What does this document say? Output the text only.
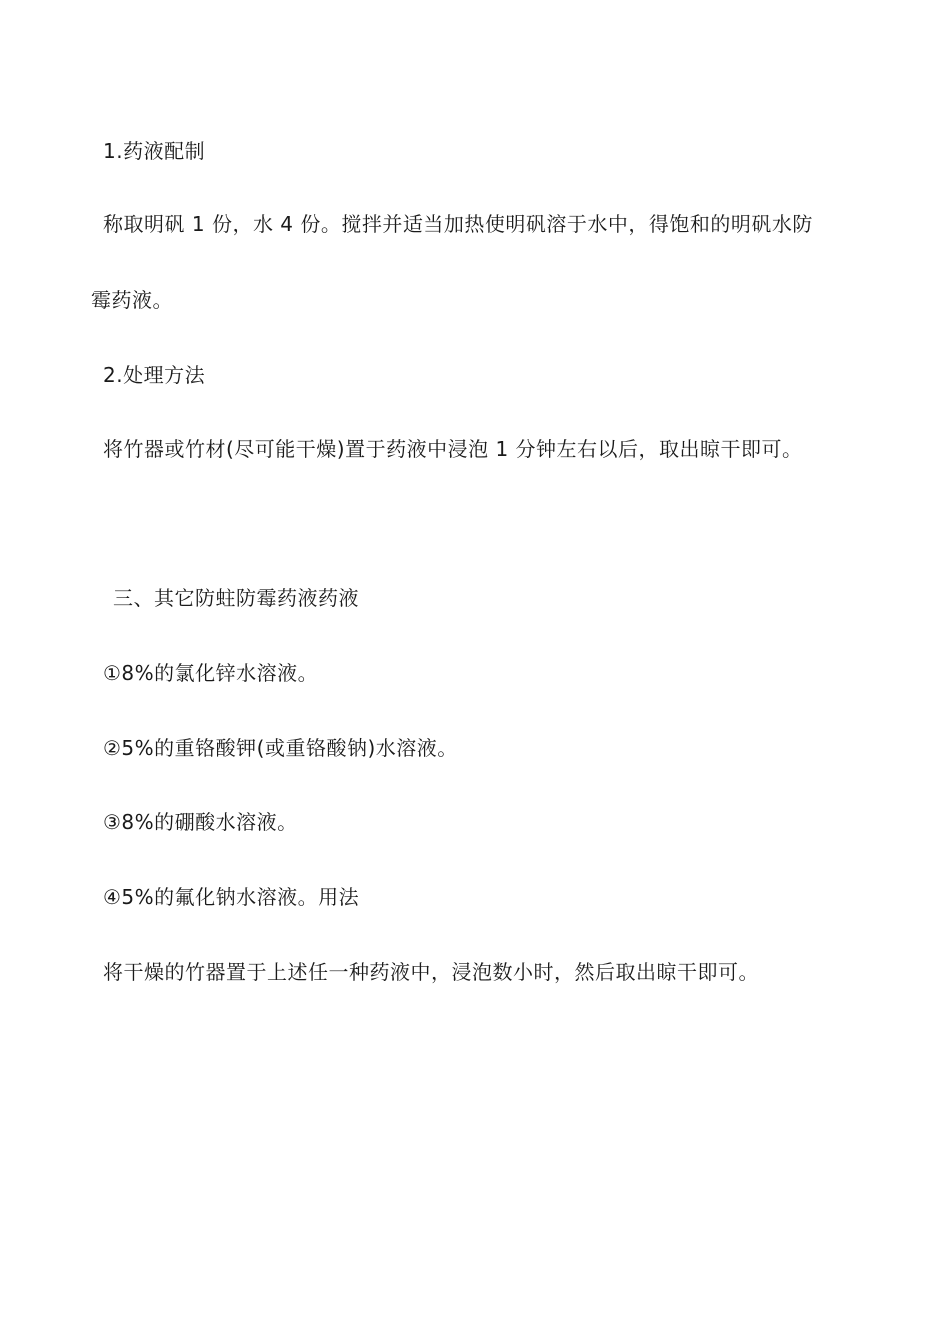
1.药液配制
称取明矾 1 份，水 4 份。搅拌并适当加热使明矾溶于水中，得饱和的明矾水防
霉药液。
2.处理方法
将竹器或竹材(尽可能干燥)置于药液中浸泡 1 分钟左右以后，取出晾干即可。
三、其它防蛀防霉药液药液
①8%的氯化锌水溶液。
②5%的重铬酸钾(或重铬酸钠)水溶液。
③8%的硼酸水溶液。
④5%的氟化钠水溶液。用法
将干燥的竹器置于上述任一种药液中，浸泡数小时，然后取出晾干即可。
